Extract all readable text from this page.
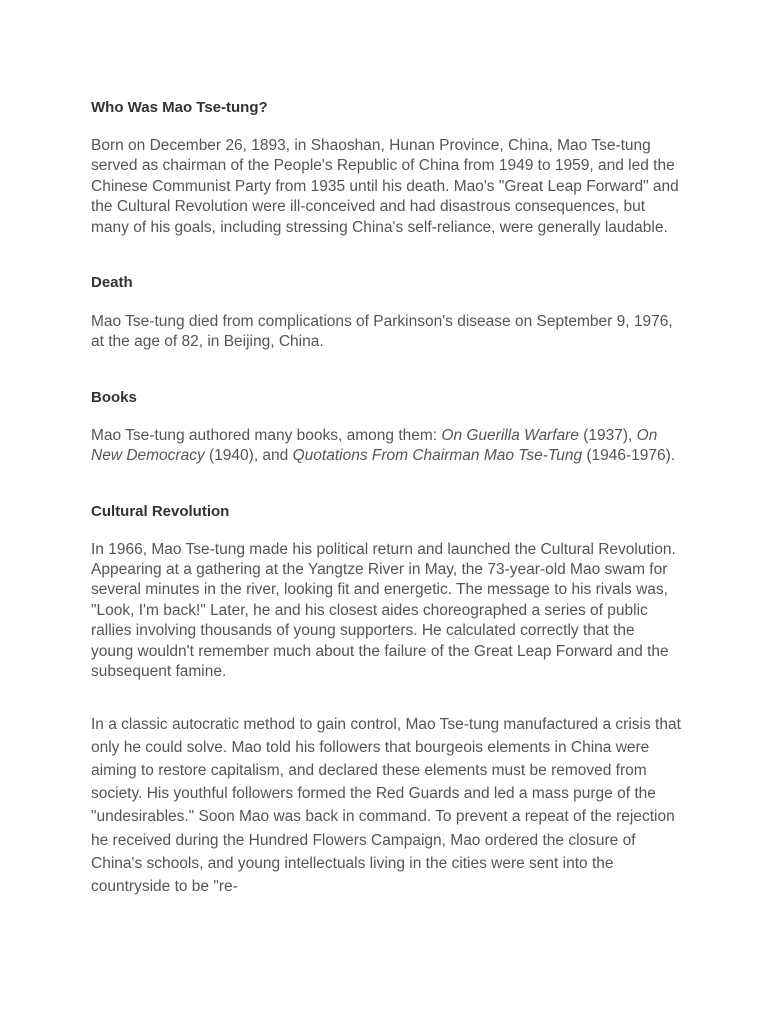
Who Was Mao Tse-tung?

Born on December 26, 1893, in Shaoshan, Hunan Province, China, Mao Tse-tung served as chairman of the People's Republic of China from 1949 to 1959, and led the Chinese Communist Party from 1935 until his death. Mao's "Great Leap Forward" and the Cultural Revolution were ill-conceived and had disastrous consequences, but many of his goals, including stressing China's self-reliance, were generally laudable.

Death

Mao Tse-tung died from complications of Parkinson's disease on September 9, 1976, at the age of 82, in Beijing, China.

Books

Mao Tse-tung authored many books, among them: On Guerilla Warfare (1937), On New Democracy (1940), and Quotations From Chairman Mao Tse-Tung (1946-1976).

Cultural Revolution

In 1966, Mao Tse-tung made his political return and launched the Cultural Revolution. Appearing at a gathering at the Yangtze River in May, the 73-year-old Mao swam for several minutes in the river, looking fit and energetic. The message to his rivals was, "Look, I'm back!" Later, he and his closest aides choreographed a series of public rallies involving thousands of young supporters. He calculated correctly that the young wouldn't remember much about the failure of the Great Leap Forward and the subsequent famine.

In a classic autocratic method to gain control, Mao Tse-tung manufactured a crisis that only he could solve. Mao told his followers that bourgeois elements in China were aiming to restore capitalism, and declared these elements must be removed from society. His youthful followers formed the Red Guards and led a mass purge of the "undesirables." Soon Mao was back in command. To prevent a repeat of the rejection he received during the Hundred Flowers Campaign, Mao ordered the closure of China's schools, and young intellectuals living in the cities were sent into the countryside to be "re-
